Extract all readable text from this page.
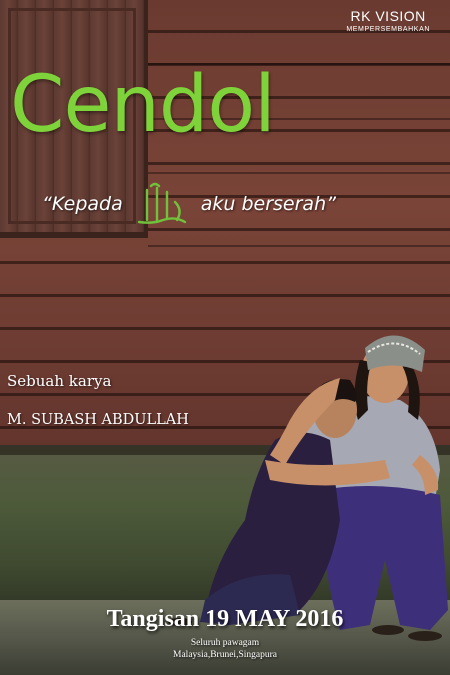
RK VISION
MEMPERSEMBAHKAN
Cendol
“Kepada	aku berserah”
Sebuah karya
M. SUBASH ABDULLAH
Tangisan 19 MAY 2016
Seluruh pawagam
Malaysia,Brunei,Singapura
